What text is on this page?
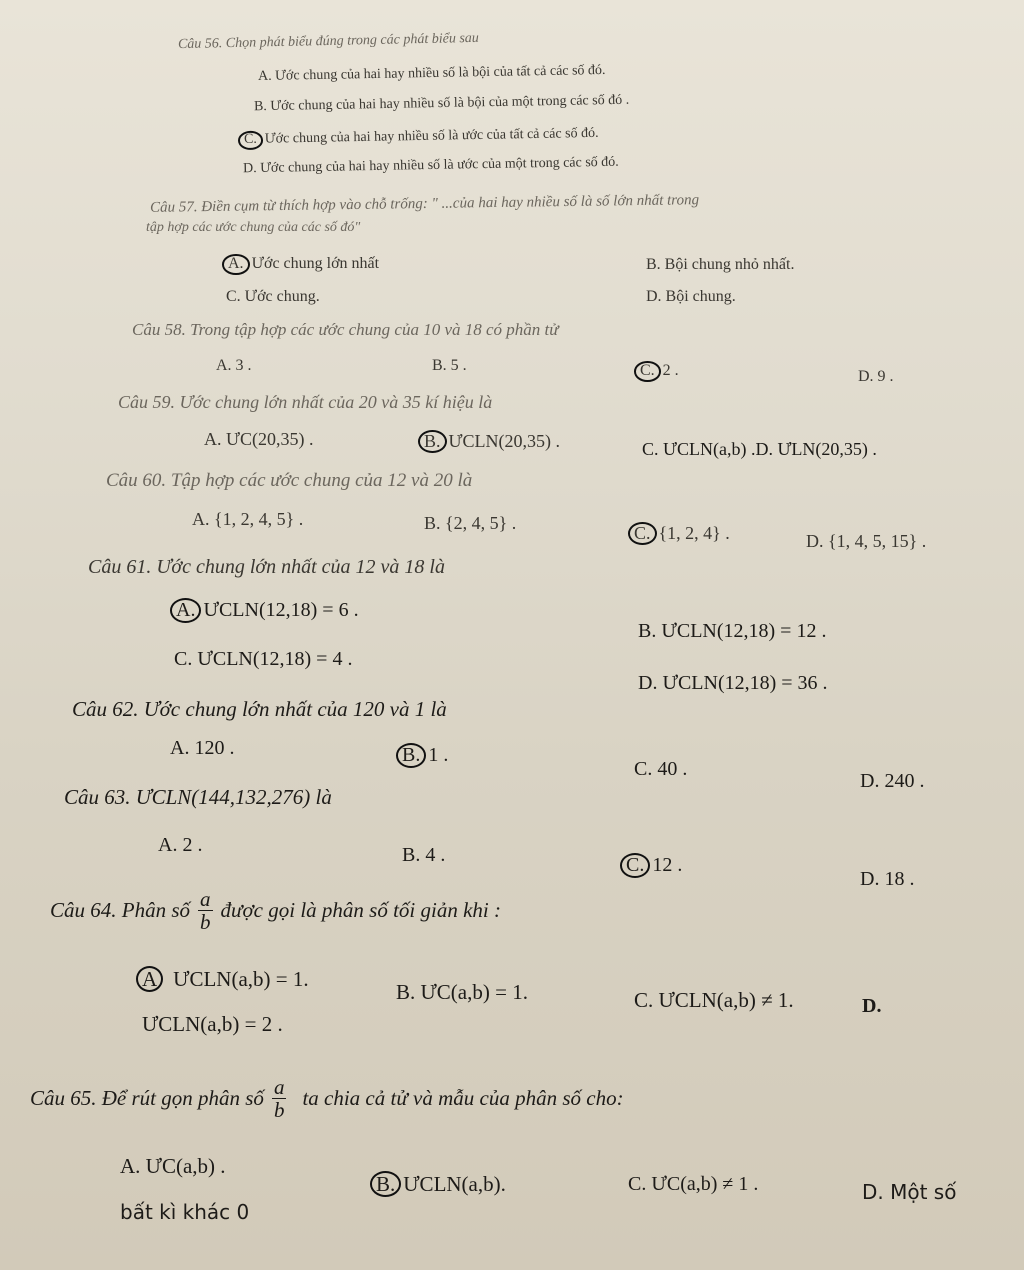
Câu 56. Chọn phát biểu đúng trong các phát biểu sau
A. Ước chung của hai hay nhiều số là bội của tất cả các số đó.
B. Ước chung của hai hay nhiều số là bội của một trong các số đó .
C. Ước chung của hai hay nhiều số là ước của tất cả các số đó.
D. Ước chung của hai hay nhiều số là ước của một trong các số đó.
Câu 57. Điền cụm từ thích hợp vào chỗ trống: " ...của hai hay nhiều số là số lớn nhất trong
tập hợp các ước chung của các số đó"
A. Ước chung lớn nhất	B. Bội chung nhỏ nhất.
C. Ước chung.	D. Bội chung.
Câu 58. Trong tập hợp các ước chung của 10 và 18 có phần tử
A. 3 .	B. 5 .	C. 2 .	D. 9 .
Câu 59. Ước chung lớn nhất của 20 và 35 kí hiệu là
A. ƯC(20,35) .	B. ƯCLN(20,35) .	C. ƯCLN(a,b) .D. ƯLN(20,35) .
Câu 60. Tập hợp các ước chung của 12 và 20 là
A. {1, 2, 4, 5} .	B. {2, 4, 5} .	C. {1, 2, 4} .	D. {1, 4, 5, 15} .
Câu 61. Ước chung lớn nhất của 12 và 18 là
A. ƯCLN(12,18) = 6 .
B. ƯCLN(12,18) = 12 .
C. ƯCLN(12,18) = 4 .
D. ƯCLN(12,18) = 36 .
Câu 62. Ước chung lớn nhất của 120 và 1 là
A. 120 .	B. 1 .
C. 40 .
D. 240 .
Câu 63. ƯCLN(144,132,276) là
A. 2 .	B. 4 .	C. 12 .
D. 18 .
Câu 64. Phân số $\frac{a}{b}$ được gọi là phân số tối giản khi :
A ƯCLN(a,b) = 1.
B. ƯC(a,b) = 1.	C. ƯCLN(a,b) ≠ 1.	D.
ƯCLN(a,b) = 2 .
Câu 65. Để rút gọn phân số $\frac{a}{b}$ ta chia cả tử và mẫu của phân số cho:
A. ƯC(a,b) .
B. ƯCLN(a,b).	C. ƯC(a,b) ≠ 1 .	D. Một số
bất kì khác 0
